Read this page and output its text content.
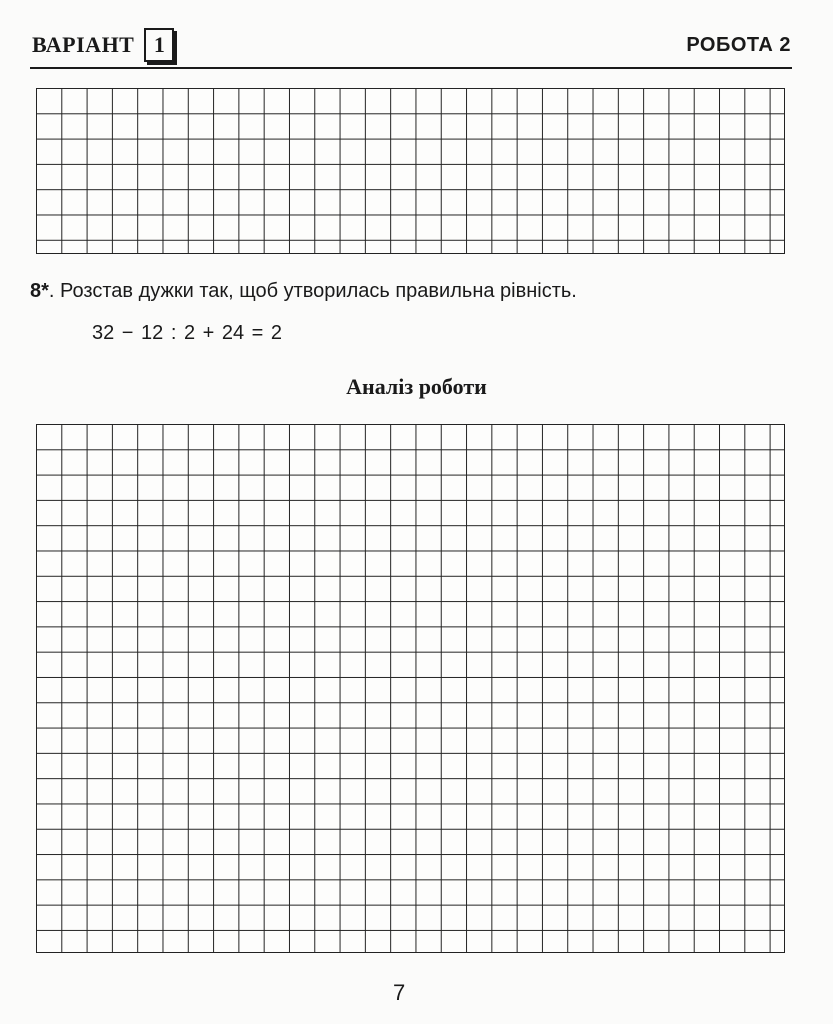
ВАРІАНТ 1	РОБОТА 2
8*. Розстав дужки так, щоб утворилась правильна рівність.
32 − 12 : 2 + 24 = 2
Аналіз роботи
7
